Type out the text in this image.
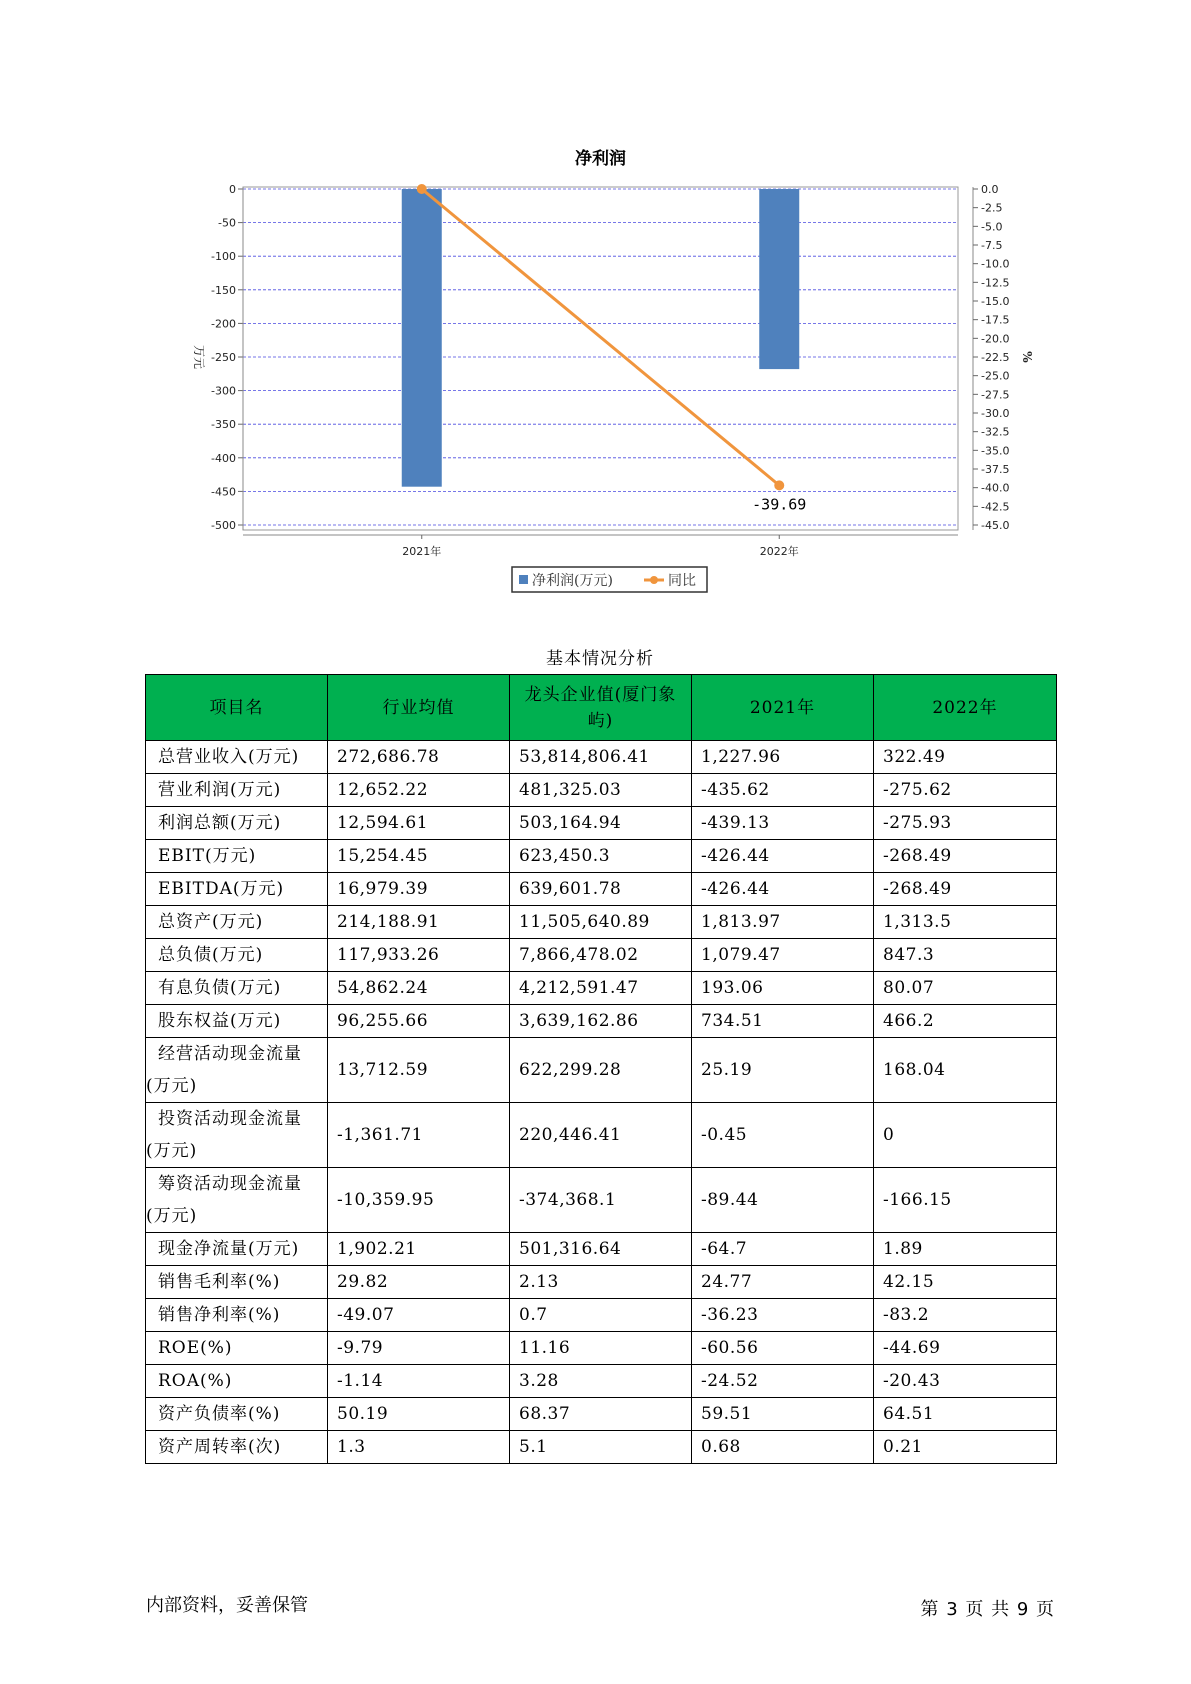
净利润
0
-50
-100
-150
-200
-250
-300
-350
-400
-450
-500
0.0
-2.5
-5.0
-7.5
-10.0
-12.5
-15.0
-17.5
-20.0
-22.5
-25.0
-27.5
-30.0
-32.5
-35.0
-37.5
-40.0
-42.5
-45.0
万元	%
2021年	2022年
-39.69
净利润(万元)	同比
基本情况分析
项目名	行业均值	龙头企业值(厦门象屿)	2021年	2022年
总营业收入(万元)	272,686.78	53,814,806.41	1,227.96	322.49
营业利润(万元)	12,652.22	481,325.03	-435.62	-275.62
利润总额(万元)	12,594.61	503,164.94	-439.13	-275.93
EBIT(万元)	15,254.45	623,450.3	-426.44	-268.49
EBITDA(万元)	16,979.39	639,601.78	-426.44	-268.49
总资产(万元)	214,188.91	11,505,640.89	1,813.97	1,313.5
总负债(万元)	117,933.26	7,866,478.02	1,079.47	847.3
有息负债(万元)	54,862.24	4,212,591.47	193.06	80.07
股东权益(万元)	96,255.66	3,639,162.86	734.51	466.2
经营活动现金流量(万元)	13,712.59	622,299.28	25.19	168.04
投资活动现金流量(万元)	-1,361.71	220,446.41	-0.45	0
筹资活动现金流量(万元)	-10,359.95	-374,368.1	-89.44	-166.15
现金净流量(万元)	1,902.21	501,316.64	-64.7	1.89
销售毛利率(%)	29.82	2.13	24.77	42.15
销售净利率(%)	-49.07	0.7	-36.23	-83.2
ROE(%)	-9.79	11.16	-60.56	-44.69
ROA(%)	-1.14	3.28	-24.52	-20.43
资产负债率(%)	50.19	68.37	59.51	64.51
资产周转率(次)	1.3	5.1	0.68	0.21
内部资料，妥善保管	第 3 页 共 9 页
